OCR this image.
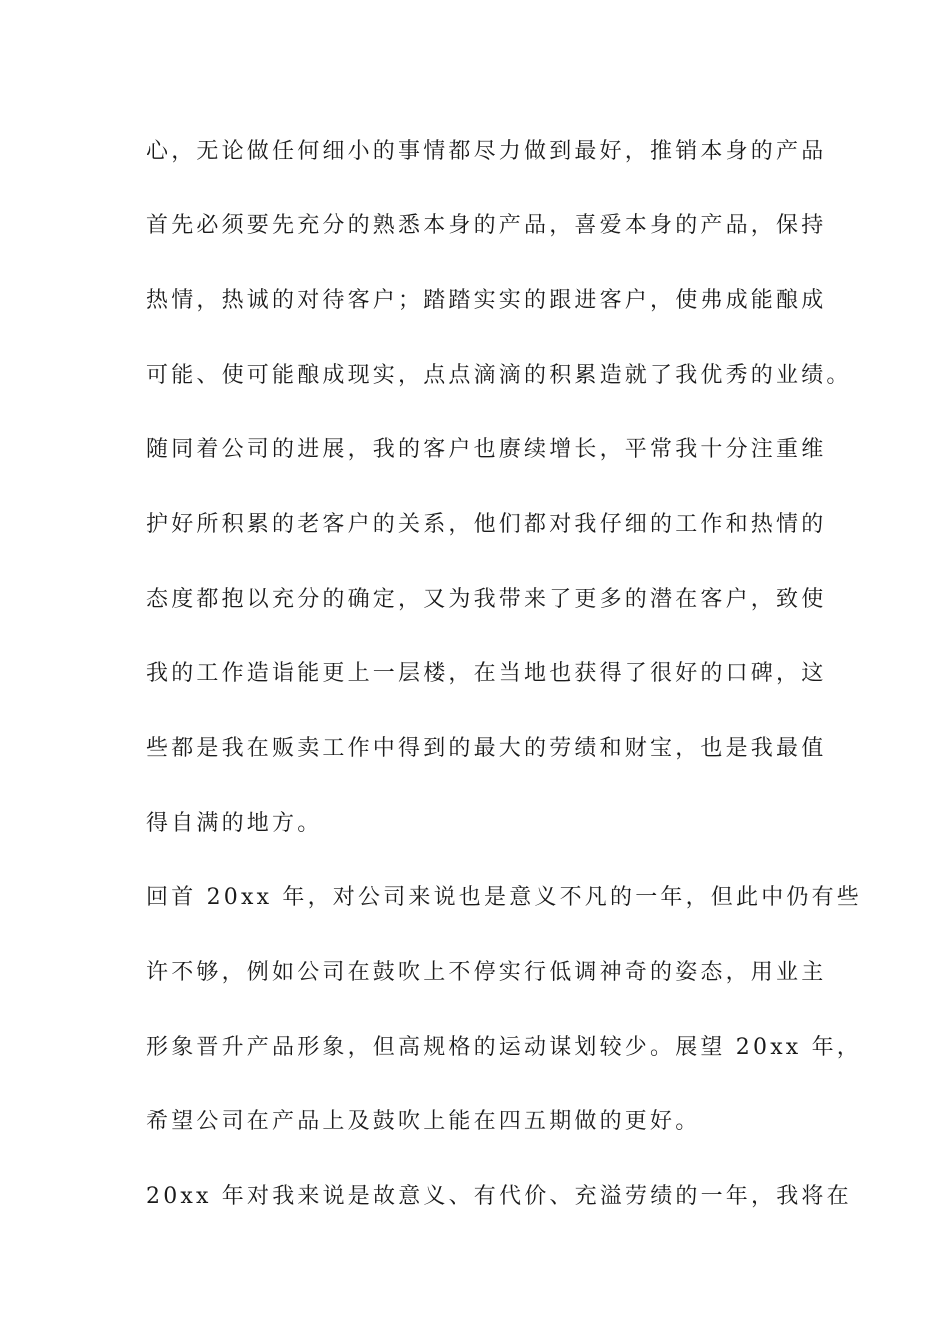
心，无论做任何细小的事情都尽力做到最好，推销本身的产品
首先必须要先充分的熟悉本身的产品，喜爱本身的产品，保持
热情，热诚的对待客户；踏踏实实的跟进客户，使弗成能酿成
可能、使可能酿成现实，点点滴滴的积累造就了我优秀的业绩。
随同着公司的进展，我的客户也赓续增长，平常我十分注重维
护好所积累的老客户的关系，他们都对我仔细的工作和热情的
态度都抱以充分的确定，又为我带来了更多的潜在客户，致使
我的工作造诣能更上一层楼，在当地也获得了很好的口碑，这
些都是我在贩卖工作中得到的最大的劳绩和财宝，也是我最值
得自满的地方。
回首 20xx 年，对公司来说也是意义不凡的一年，但此中仍有些
许不够，例如公司在鼓吹上不停实行低调神奇的姿态，用业主
形象晋升产品形象，但高规格的运动谋划较少。展望 20xx 年，
希望公司在产品上及鼓吹上能在四五期做的更好。
20xx 年对我来说是故意义、有代价、充溢劳绩的一年，我将在
